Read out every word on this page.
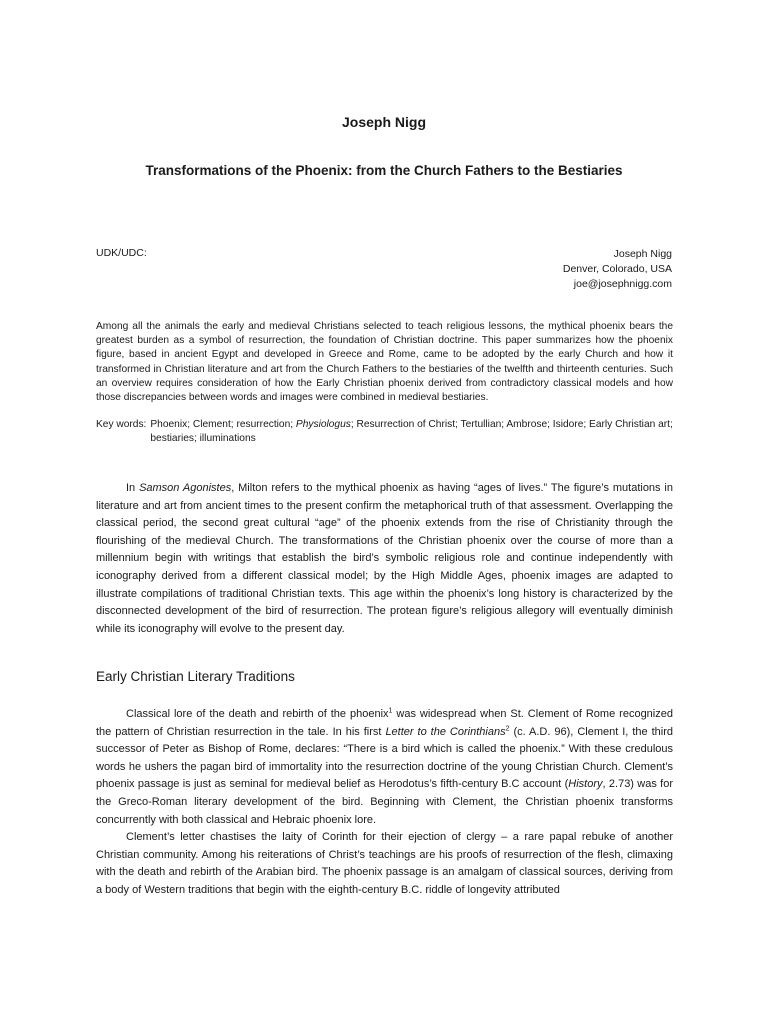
Joseph Nigg
Transformations of the Phoenix: from the Church Fathers to the Bestiaries
UDK/UDC:	Joseph Nigg
Denver, Colorado, USA
joe@josephnigg.com

Among all the animals the early and medieval Christians selected to teach religious lessons, the mythical phoenix bears the greatest burden as a symbol of resurrection, the foundation of Christian doctrine. This paper summarizes how the phoenix figure, based in ancient Egypt and developed in Greece and Rome, came to be adopted by the early Church and how it transformed in Christian literature and art from the Church Fathers to the bestiaries of the twelfth and thirteenth centuries. Such an overview requires consideration of how the Early Christian phoenix derived from contradictory classical models and how those discrepancies between words and images were combined in medieval bestiaries.

Key words: Phoenix; Clement; resurrection; Physiologus; Resurrection of Christ; Tertullian; Ambrose; Isidore; Early Christian art; bestiaries; illuminations

In Samson Agonistes, Milton refers to the mythical phoenix as having “ages of lives.” The figure’s mutations in literature and art from ancient times to the present confirm the metaphorical truth of that assessment. Overlapping the classical period, the second great cultural “age” of the phoenix extends from the rise of Christianity through the flourishing of the medieval Church. The transformations of the Christian phoenix over the course of more than a millennium begin with writings that establish the bird’s symbolic religious role and continue independently with iconography derived from a different classical model; by the High Middle Ages, phoenix images are adapted to illustrate compilations of traditional Christian texts. This age within the phoenix’s long history is characterized by the disconnected development of the bird of resurrection. The protean figure’s religious allegory will eventually diminish while its iconography will evolve to the present day.

Early Christian Literary Traditions

Classical lore of the death and rebirth of the phoenix$^1$ was widespread when St. Clement of Rome recognized the pattern of Christian resurrection in the tale. In his first Letter to the Corinthians$^2$ (c. A.D. 96), Clement I, the third successor of Peter as Bishop of Rome, declares: “There is a bird which is called the phoenix.” With these credulous words he ushers the pagan bird of immortality into the resurrection doctrine of the young Christian Church. Clement’s phoenix passage is just as seminal for medieval belief as Herodotus’s fifth-century B.C account (History, 2.73) was for the Greco-Roman literary development of the bird. Beginning with Clement, the Christian phoenix transforms concurrently with both classical and Hebraic phoenix lore.

Clement’s letter chastises the laity of Corinth for their ejection of clergy – a rare papal rebuke of another Christian community. Among his reiterations of Christ’s teachings are his proofs of resurrection of the flesh, climaxing with the death and rebirth of the Arabian bird. The phoenix passage is an amalgam of classical sources, deriving from a body of Western traditions that begin with the eighth-century B.C. riddle of longevity attributed
